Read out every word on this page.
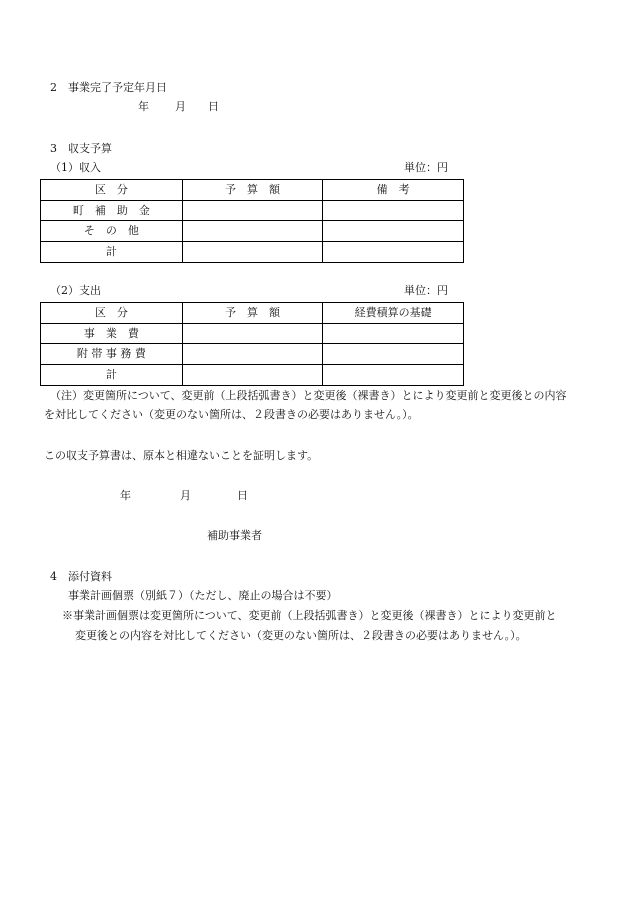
2　事業完了予定年月日
年 月 日
3　収支予算
（1）収入	単位：円
区　分	予　算　額	備　考
町　補　助　金
そ　の　他
計
（2）支出	単位：円
区　分	予　算　額	経費積算の基礎
事　業　費
附 帯 事 務 費
計
（注）変更箇所について、変更前（上段括弧書き）と変更後（裸書き）とにより変更前と変更後との内容
を対比してください（変更のない箇所は、２段書きの必要はありません。）。
この収支予算書は、原本と相違ないことを証明します。
年	月	日
補助事業者
4　添付資料
事業計画個票（別紙７）（ただし、廃止の場合は不要）
※事業計画個票は変更箇所について、変更前（上段括弧書き）と変更後（裸書き）とにより変更前と
変更後との内容を対比してください（変更のない箇所は、２段書きの必要はありません。）。
